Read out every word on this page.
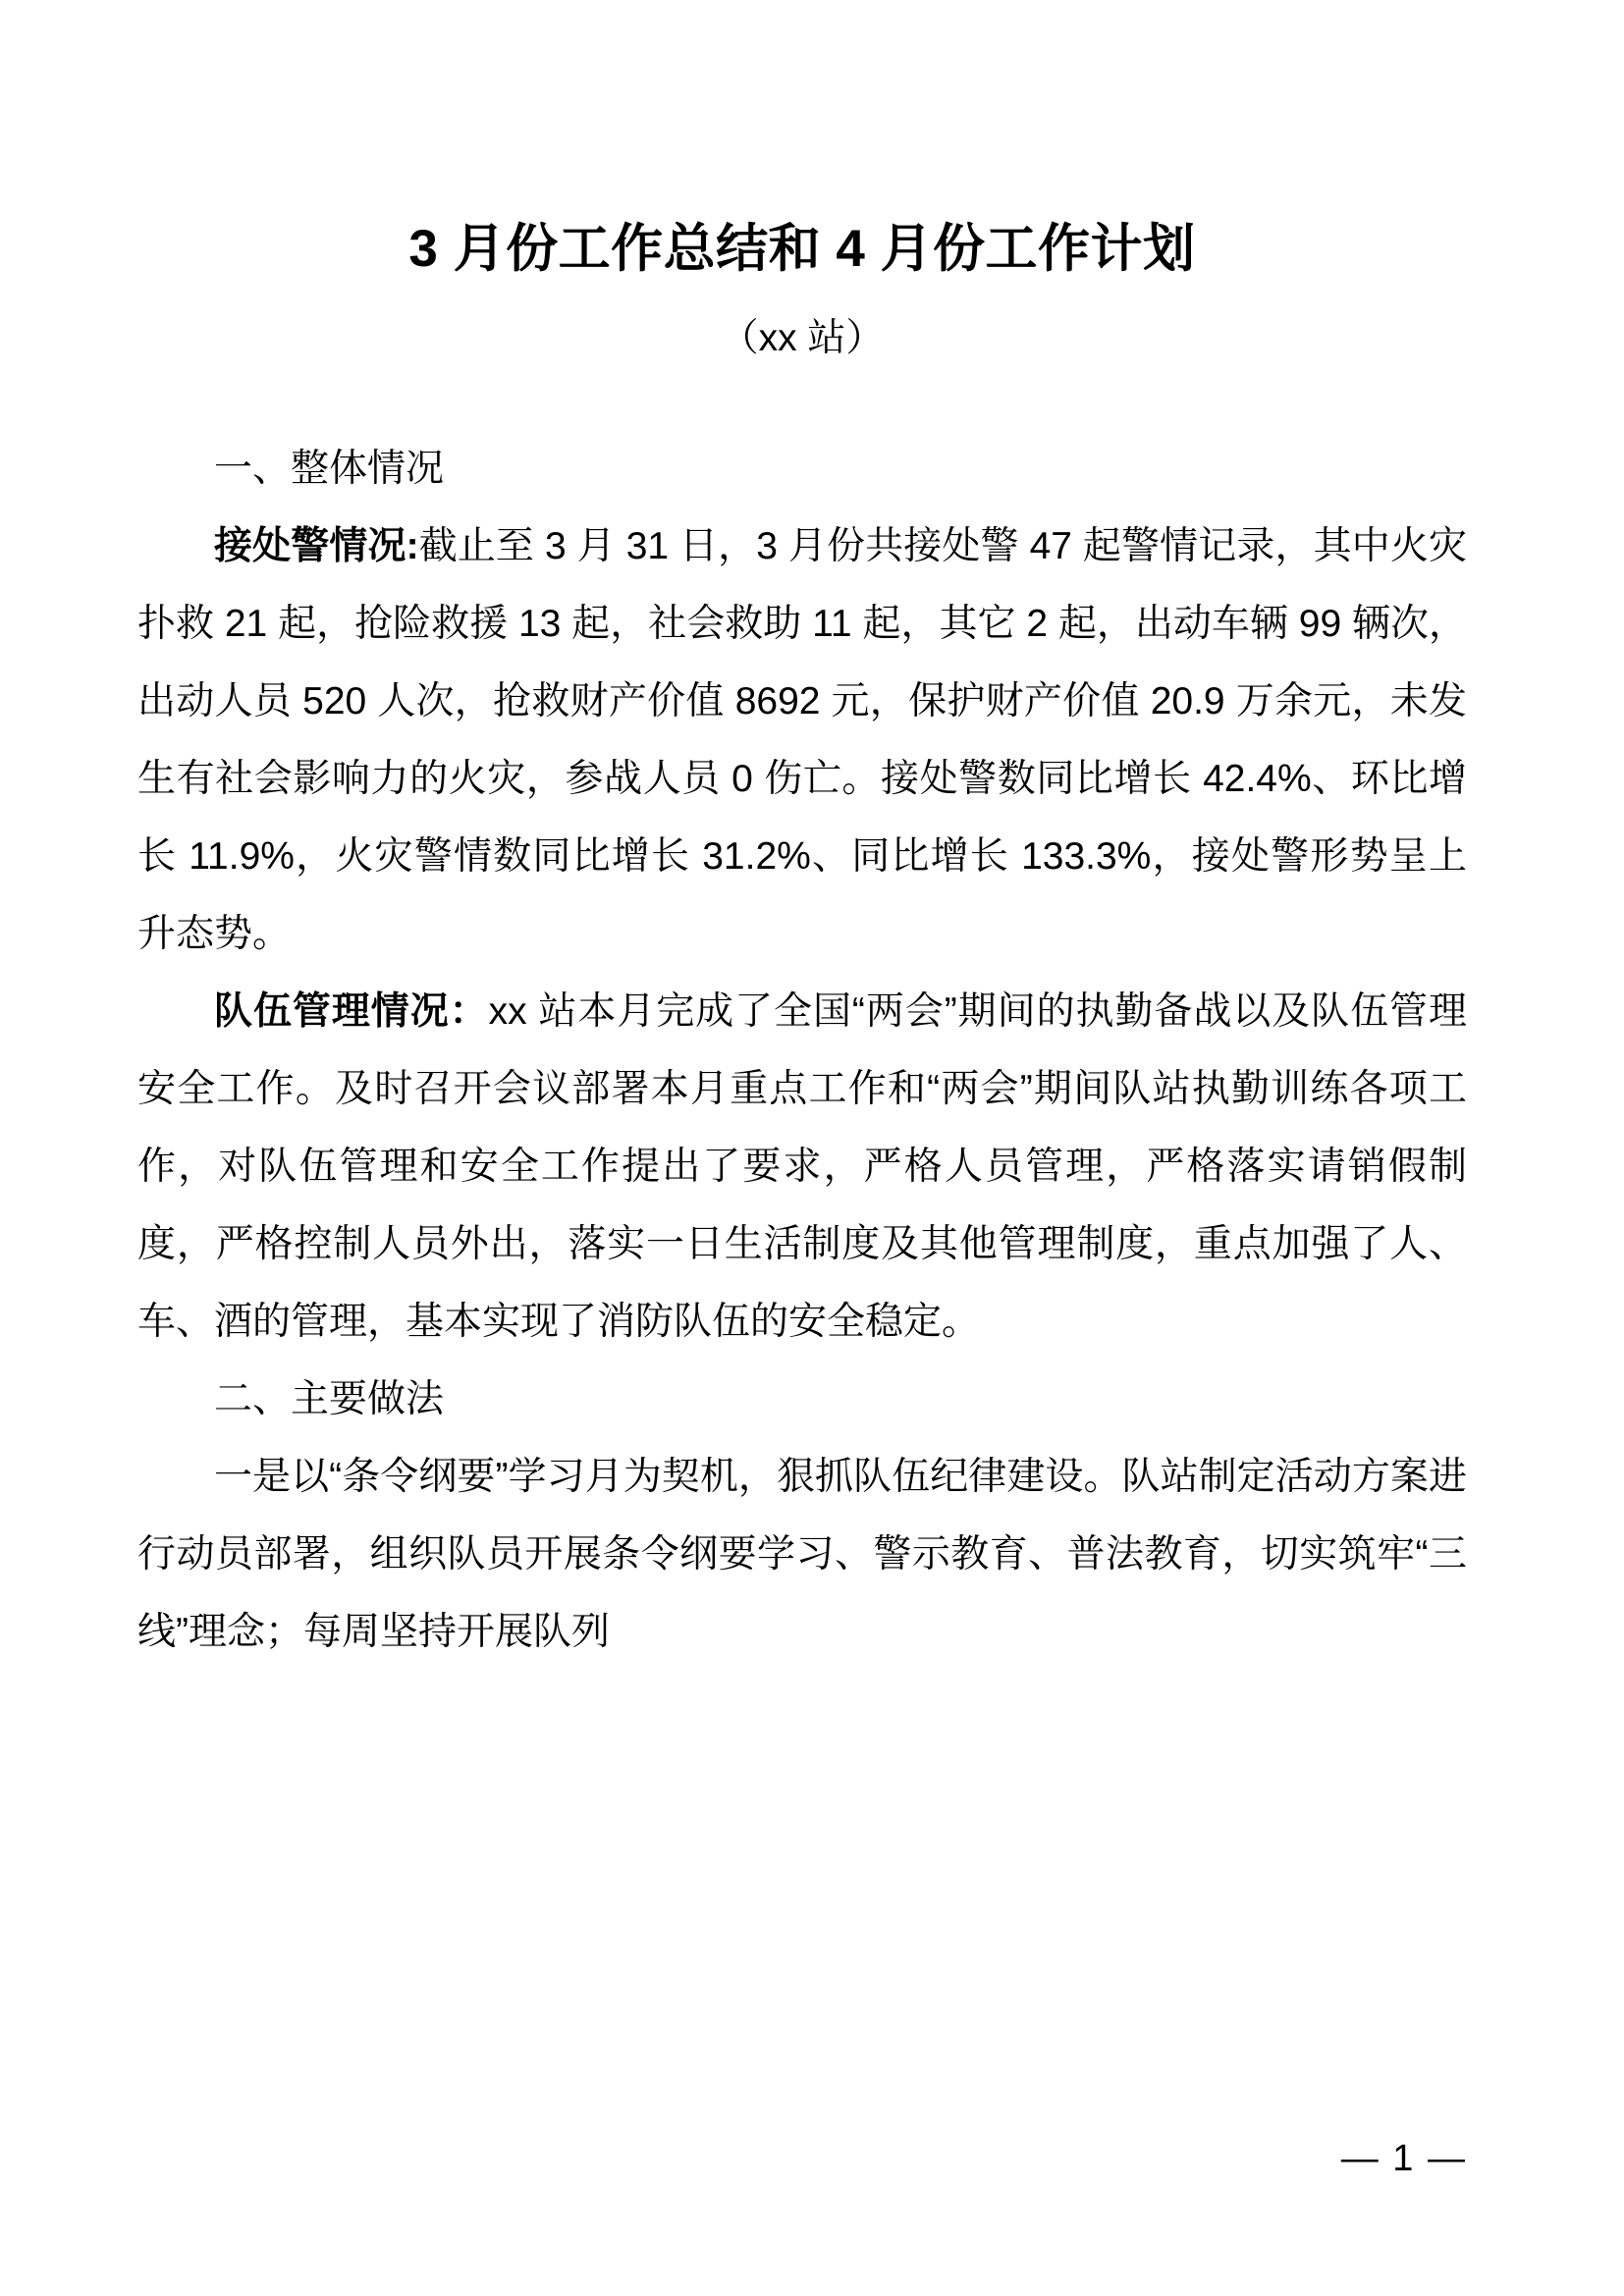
3 月份工作总结和 4 月份工作计划
（xx 站）
一、整体情况

接处警情况:截止至 3 月 31 日，3 月份共接处警 47 起警情记录，其中火灾扑救 21 起，抢险救援 13 起，社会救助 11 起，其它 2 起，出动车辆 99 辆次，出动人员 520 人次，抢救财产价值 8692 元，保护财产价值 20.9 万余元，未发生有社会影响力的火灾，参战人员 0 伤亡。接处警数同比增长 42.4%、环比增长 11.9%，火灾警情数同比增长 31.2%、同比增长 133.3%，接处警形势呈上升态势。

队伍管理情况：xx 站本月完成了全国“两会”期间的执勤备战以及队伍管理安全工作。及时召开会议部署本月重点工作和“两会”期间队站执勤训练各项工作，对队伍管理和安全工作提出了要求，严格人员管理，严格落实请销假制度，严格控制人员外出，落实一日生活制度及其他管理制度，重点加强了人、车、酒的管理，基本实现了消防队伍的安全稳定。

二、主要做法

一是以“条令纲要”学习月为契机，狠抓队伍纪律建设。队站制定活动方案进行动员部署，组织队员开展条令纲要学习、警示教育、普法教育，切实筑牢“三线”理念；每周坚持开展队列

— 1 —
